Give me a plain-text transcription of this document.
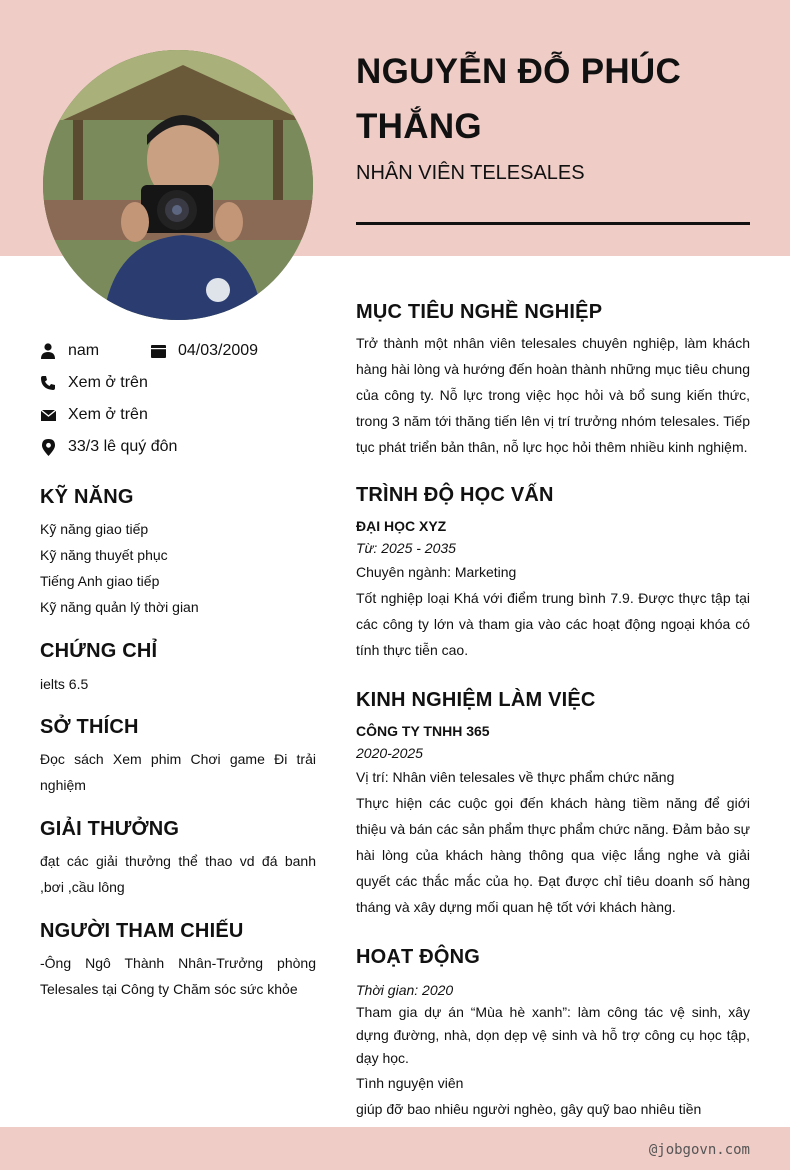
NGUYỄN ĐỖ PHÚC THẮNG
NHÂN VIÊN TELESALES
nam	04/03/2009
Xem ở trên
Xem ở trên
33/3 lê quý đôn
KỸ NĂNG
Kỹ năng giao tiếp
Kỹ năng thuyết phục
Tiếng Anh giao tiếp
Kỹ năng quản lý thời gian
CHỨNG CHỈ
ielts 6.5
SỞ THÍCH
Đọc sách Xem phim Chơi game Đi trải nghiệm
GIẢI THƯỞNG
đạt các giải thưởng thể thao vd đá banh ,bơi ,cầu lông
NGƯỜI THAM CHIẾU
-Ông Ngô Thành Nhân-Trưởng phòng Telesales tại Công ty Chăm sóc sức khỏe
MỤC TIÊU NGHỀ NGHIỆP
Trở thành một nhân viên telesales chuyên nghiệp, làm khách hàng hài lòng và hướng đến hoàn thành những mục tiêu chung của công ty. Nỗ lực trong việc học hỏi và bổ sung kiến thức, trong 3 năm tới thăng tiến lên vị trí trưởng nhóm telesales. Tiếp tục phát triển bản thân, nỗ lực học hỏi thêm nhiều kinh nghiệm.
TRÌNH ĐỘ HỌC VẤN
ĐẠI HỌC XYZ
Từ: 2025 - 2035
Chuyên ngành: Marketing
Tốt nghiệp loại Khá với điểm trung bình 7.9. Được thực tập tại các công ty lớn và tham gia vào các hoạt động ngoại khóa có tính thực tiễn cao.
KINH NGHIỆM LÀM VIỆC
CÔNG TY TNHH 365
2020-2025
Vị trí: Nhân viên telesales về thực phẩm chức năng
Thực hiện các cuộc gọi đến khách hàng tiềm năng để giới thiệu và bán các sản phẩm thực phẩm chức năng. Đảm bảo sự hài lòng của khách hàng thông qua việc lắng nghe và giải quyết các thắc mắc của họ. Đạt được chỉ tiêu doanh số hàng tháng và xây dựng mối quan hệ tốt với khách hàng.
HOẠT ĐỘNG
Thời gian: 2020
Tham gia dự án “Mùa hè xanh”: làm công tác vệ sinh, xây dựng đường, nhà, dọn dẹp vệ sinh và hỗ trợ công cụ học tập, dạy học.
Tình nguyện viên
giúp đỡ bao nhiêu người nghèo, gây quỹ bao nhiêu tiền
@jobgovn.com
